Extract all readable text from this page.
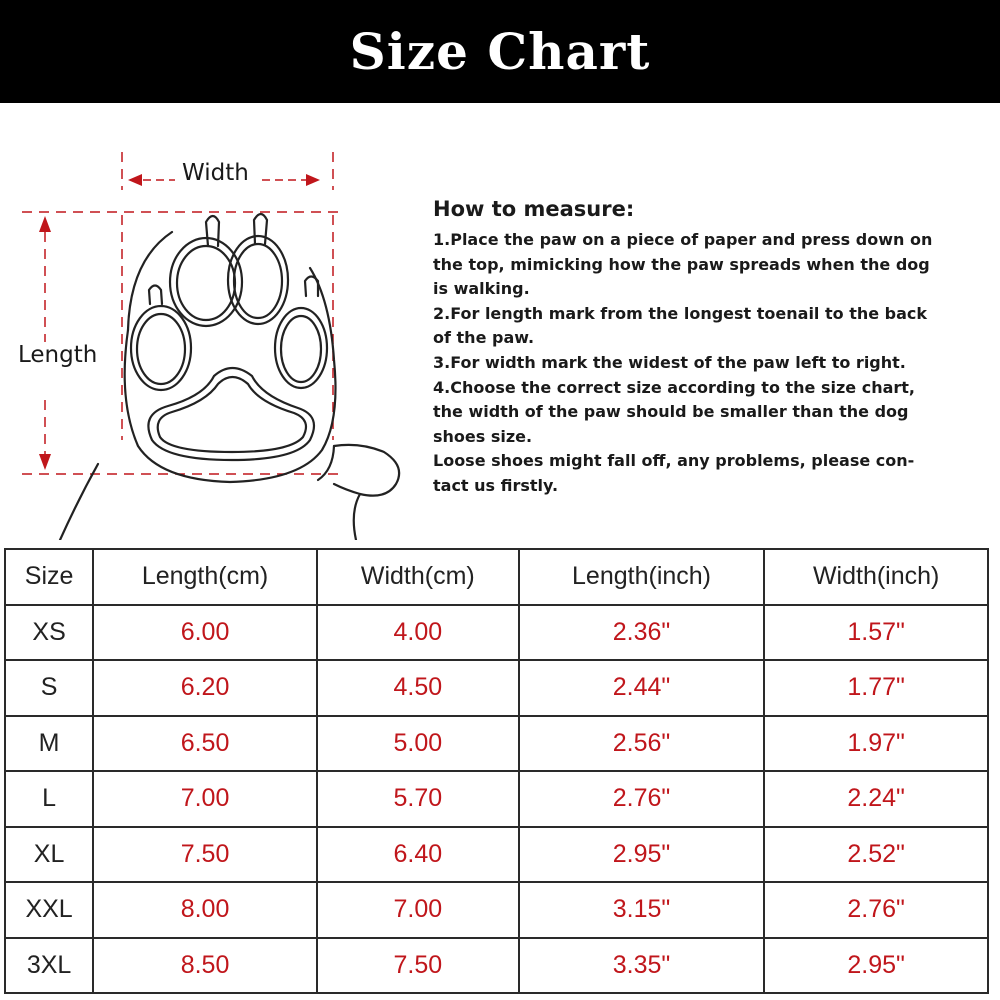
Size Chart
Width
Length
How to measure:
1.Place the paw on a piece of paper and press down on
the top, mimicking how the paw spreads when the dog
is walking.
2.For length mark from the longest toenail to the back
of the paw.
3.For width mark the widest of the paw left to right.
4.Choose the correct size according to the size chart,
the width of the paw should be smaller than the dog
shoes size.
Loose shoes might fall off, any problems, please con-
tact us firstly.
Size	Length(cm)	Width(cm)	Length(inch)	Width(inch)
XS	6.00	4.00	2.36"	1.57"
S	6.20	4.50	2.44"	1.77"
M	6.50	5.00	2.56"	1.97"
L	7.00	5.70	2.76"	2.24"
XL	7.50	6.40	2.95"	2.52"
XXL	8.00	7.00	3.15"	2.76"
3XL	8.50	7.50	3.35"	2.95"
